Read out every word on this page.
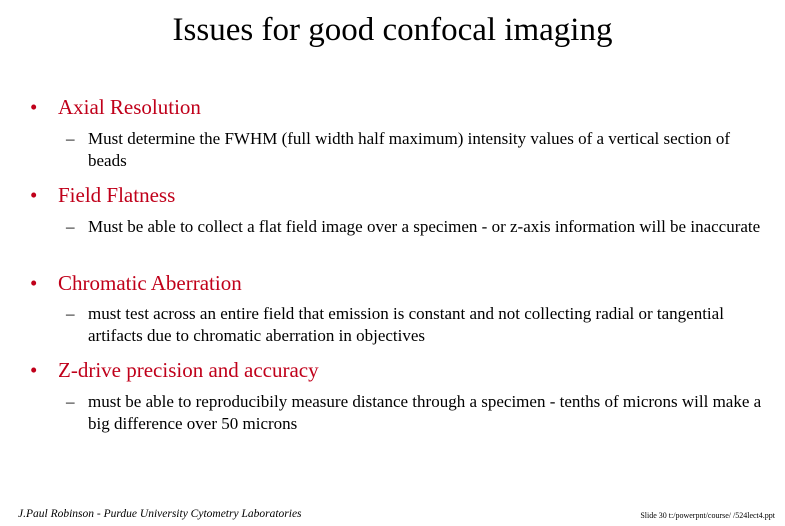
Issues for good confocal imaging
• Axial Resolution
– Must determine the FWHM (full width half maximum) intensity values of a vertical section of beads
• Field Flatness
– Must be able to collect a flat field image over a specimen - or z-axis information will be inaccurate
• Chromatic Aberration
– must test across an entire field that emission is constant and not collecting radial or tangential artifacts due to chromatic aberration in objectives
• Z-drive precision and accuracy
– must be able to reproducibily measure distance through a specimen - tenths of microns will make a big difference over 50 microns
J.Paul Robinson - Purdue University Cytometry Laboratories	Slide 30 t:/powerpnt/course/ /524lect4.ppt
